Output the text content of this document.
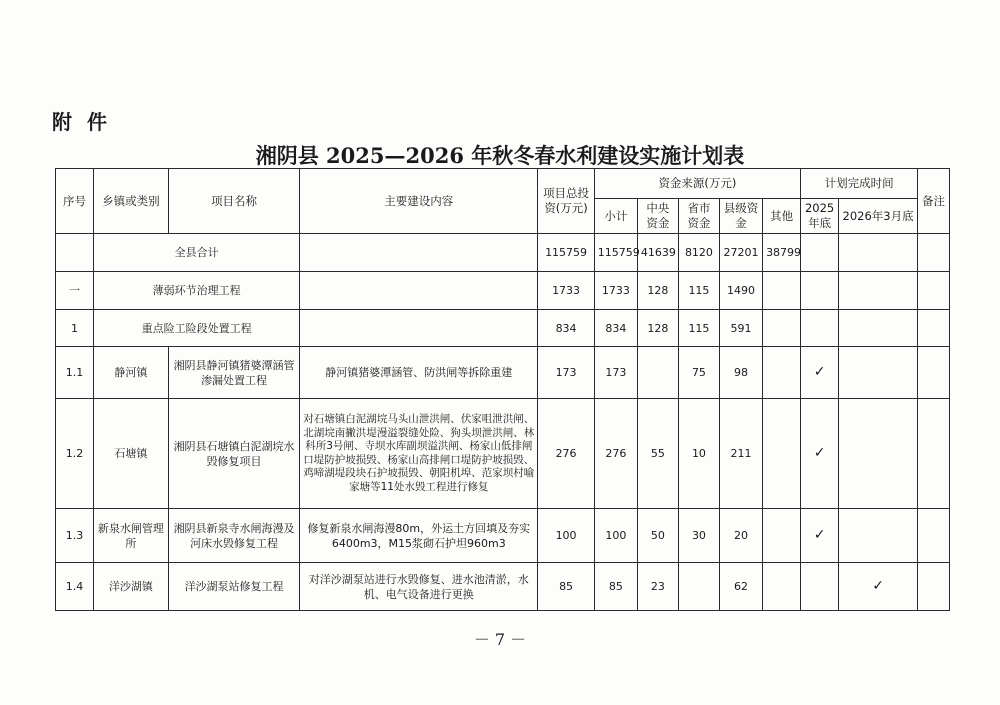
附 件
湘阴县 2025—2026 年秋冬春水利建设实施计划表
序号	乡镇或类别	项目名称	主要建设内容	项目总投资(万元)	资金来源(万元)					计划完成时间		备注
					小计	中央资金	省市资金	县级资金	其他	2025年底	2026年3月底	
	全县合计			115759	115759	41639	8120	27201	38799			
一	薄弱环节治理工程			1733	1733	128	115	1490				
1	重点险工险段处置工程			834	834	128	115	591				
1.1	静河镇	湘阴县静河镇猪婆潭涵管渗漏处置工程	静河镇猪婆潭涵管、防洪闸等拆除重建	173	173		75	98		✓		
1.2	石塘镇	湘阴县石塘镇白泥湖垸水毁修复项目	对石塘镇白泥湖垸马头山泄洪闸、伏家咀泄洪闸、北湖垸南撇洪堤漫溢裂缝处险、狗头坝泄洪闸、林科所3号闸、寺坝水库副坝溢洪闸、杨家山低排闸口堤防护坡损毁、杨家山高排闸口堤防护坡损毁、鸡啼湖堤段块石护坡损毁、朝阳机埠、范家坝村喻家塘等11处水毁工程进行修复	276	276	55	10	211		✓		
1.3	新泉水闸管理所	湘阴县新泉寺水闸海漫及河床水毁修复工程	修复新泉水闸海漫80m，外运土方回填及夯实6400m3，M15浆砌石护坦960m3	100	100	50	30	20		✓		
1.4	洋沙湖镇	洋沙湖泵站修复工程	对洋沙湖泵站进行水毁修复、进水池清淤，水机、电气设备进行更换	85	85	23		62			✓	
－ 7 －
